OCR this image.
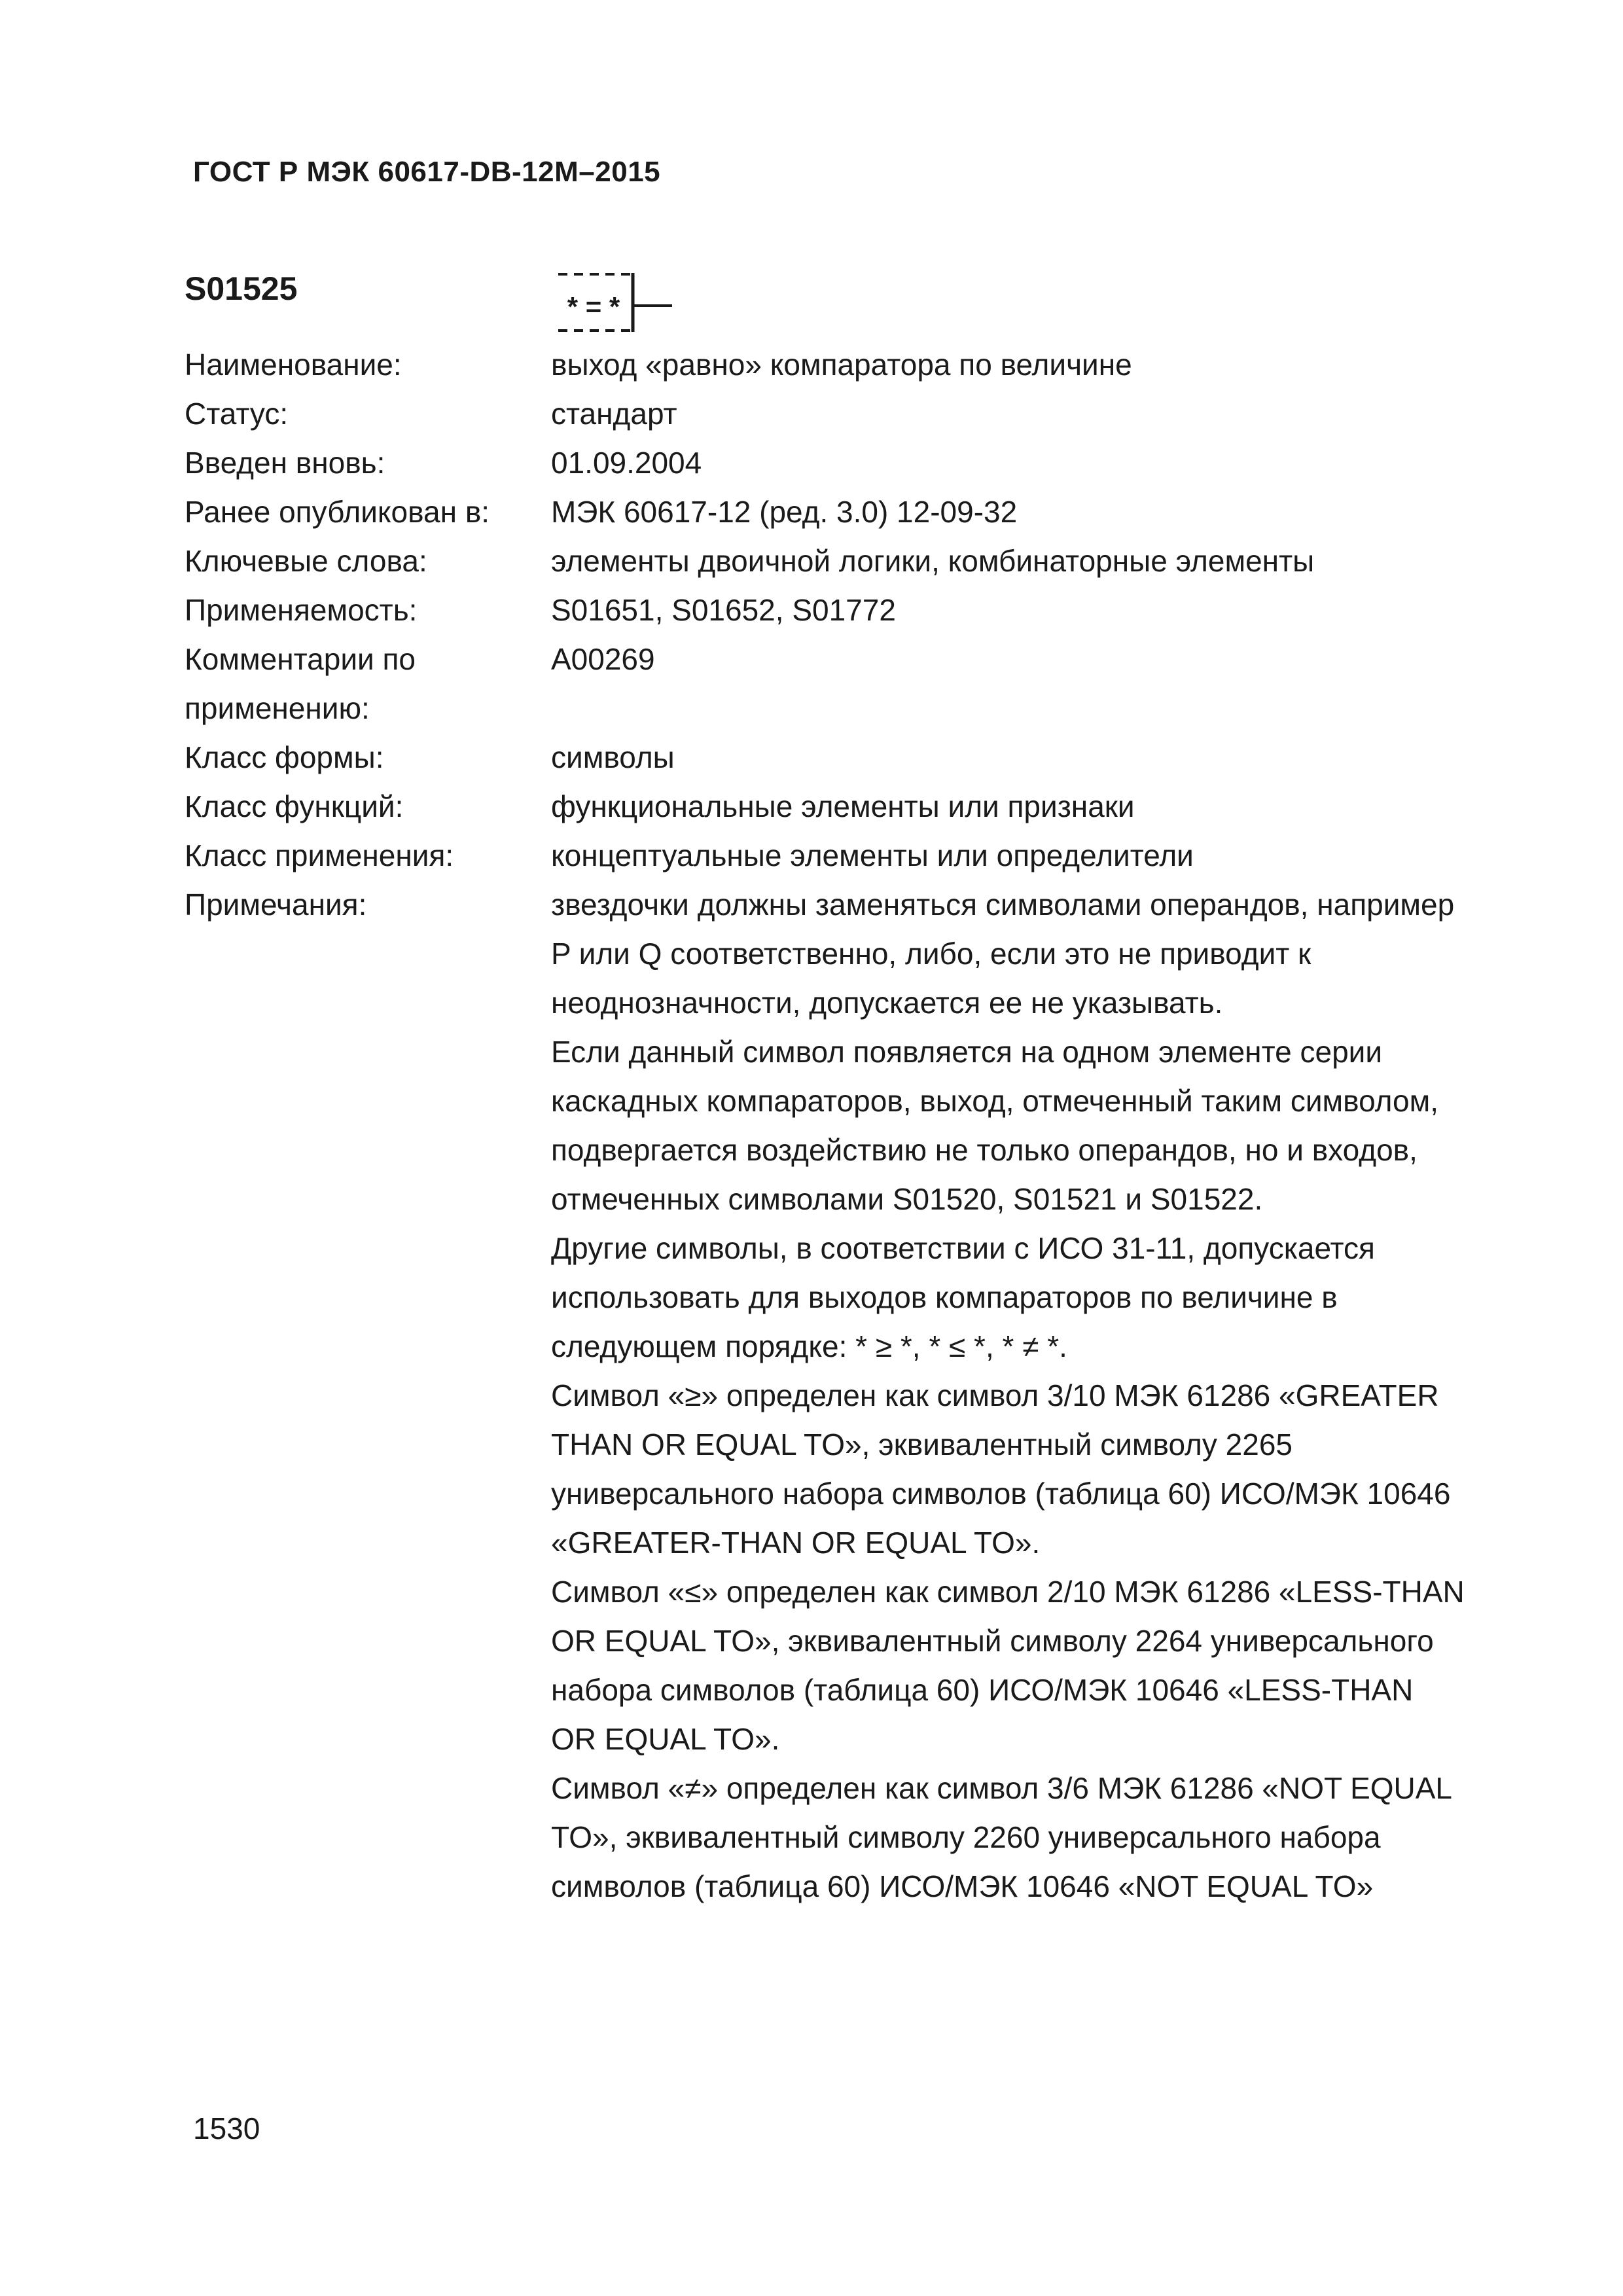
ГОСТ Р МЭК 60617-DB-12M–2015
S01525	* = *
Наименование:	выход «равно» компаратора по величине
Статус:	стандарт
Введен вновь:	01.09.2004
Ранее опубликован в:	МЭК 60617-12 (ред. 3.0) 12-09-32
Ключевые слова:	элементы двоичной логики, комбинаторные элементы
Применяемость:	S01651, S01652, S01772
Комментарии по	A00269
применению:
Класс формы:	символы
Класс функций:	функциональные элементы или признаки
Класс применения:	концептуальные элементы или определители
Примечания:	звездочки должны заменяться символами операндов, например
P или Q соответственно, либо, если это не приводит к
неоднозначности, допускается ее не указывать.
Если данный символ появляется на одном элементе серии
каскадных компараторов, выход, отмеченный таким символом,
подвергается воздействию не только операндов, но и входов,
отмеченных символами S01520, S01521 и S01522.
Другие символы, в соответствии с ИСО 31-11, допускается
использовать для выходов компараторов по величине в
следующем порядке: * ≥ *, * ≤ *, * ≠ *.
Символ «≥» определен как символ 3/10 МЭК 61286 «GREATER
THAN OR EQUAL TO», эквивалентный символу 2265
универсального набора символов (таблица 60) ИСО/МЭК 10646
«GREATER-THAN OR EQUAL TO».
Символ «≤» определен как символ 2/10 МЭК 61286 «LESS-THAN
OR EQUAL TO», эквивалентный символу 2264 универсального
набора символов (таблица 60) ИСО/МЭК 10646 «LESS-THAN
OR EQUAL TO».
Символ «≠» определен как символ 3/6 МЭК 61286 «NOT EQUAL
TO», эквивалентный символу 2260 универсального набора
символов (таблица 60) ИСО/МЭК 10646 «NOT EQUAL TO»
1530
